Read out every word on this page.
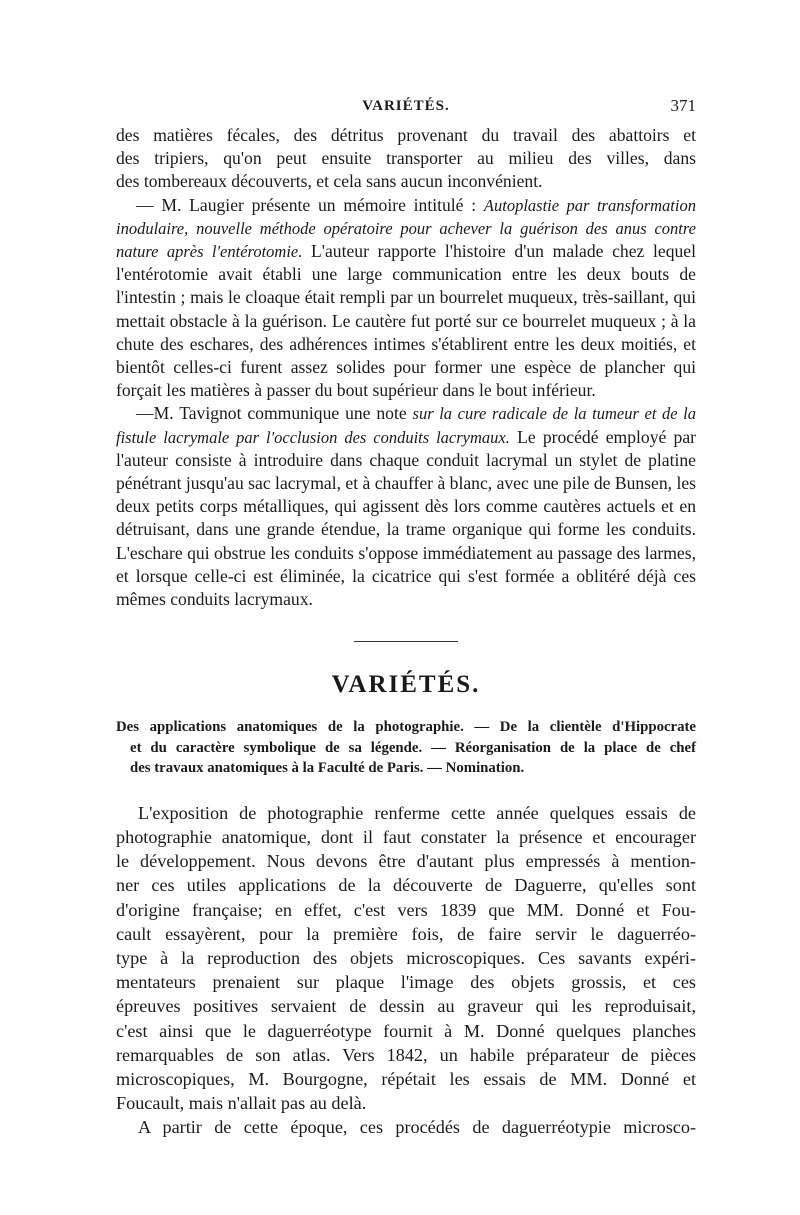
VARIÉTÉS.	371
des matières fécales, des détritus provenant du travail des abattoirs et
des tripiers, qu'on peut ensuite transporter au milieu des villes, dans
des tombereaux découverts, et cela sans aucun inconvénient.

— M. Laugier présente un mémoire intitulé : Autoplastie par transformation inodulaire, nouvelle méthode opératoire pour achever la guérison des anus contre nature après l'entérotomie. L'auteur rapporte l'histoire d'un malade chez lequel l'entérotomie avait établi une large communication entre les deux bouts de l'intestin ; mais le cloaque était rempli par un bourrelet muqueux, très-saillant, qui mettait obstacle à la guérison. Le cautère fut porté sur ce bourrelet muqueux ; à la chute des eschares, des adhérences intimes s'établirent entre les deux moitiés, et bientôt celles-ci furent assez solides pour former une espèce de plancher qui forçait les matières à passer du bout supérieur dans le bout inférieur.

—M. Tavignot communique une note sur la cure radicale de la tumeur et de la fistule lacrymale par l'occlusion des conduits lacrymaux. Le procédé employé par l'auteur consiste à introduire dans chaque conduit lacrymal un stylet de platine pénétrant jusqu'au sac lacrymal, et à chauffer à blanc, avec une pile de Bunsen, les deux petits corps métalliques, qui agissent dès lors comme cautères actuels et en détruisant, dans une grande étendue, la trame organique qui forme les conduits. L'eschare qui obstrue les conduits s'oppose immédiatement au passage des larmes, et lorsque celle-ci est éliminée, la cicatrice qui s'est formée a oblitéré déjà ces mêmes conduits lacrymaux.

VARIÉTÉS.
Des applications anatomiques de la photographie. — De la clientèle d'Hippocrate
et du caractère symbolique de sa légende. — Réorganisation de la place de chef
des travaux anatomiques à la Faculté de Paris. — Nomination.
L'exposition de photographie renferme cette année quelques essais de
photographie anatomique, dont il faut constater la présence et encourager
le développement. Nous devons être d'autant plus empressés à mention-
ner ces utiles applications de la découverte de Daguerre, qu'elles sont
d'origine française; en effet, c'est vers 1839 que MM. Donné et Fou-
cault essayèrent, pour la première fois, de faire servir le daguerréo-
type à la reproduction des objets microscopiques. Ces savants expéri-
mentateurs prenaient sur plaque l'image des objets grossis, et ces
épreuves positives servaient de dessin au graveur qui les reproduisait,
c'est ainsi que le daguerréotype fournit à M. Donné quelques planches
remarquables de son atlas. Vers 1842, un habile préparateur de pièces
microscopiques, M. Bourgogne, répétait les essais de MM. Donné et
Foucault, mais n'allait pas au delà.
A partir de cette époque, ces procédés de daguerréotypie microsco-
